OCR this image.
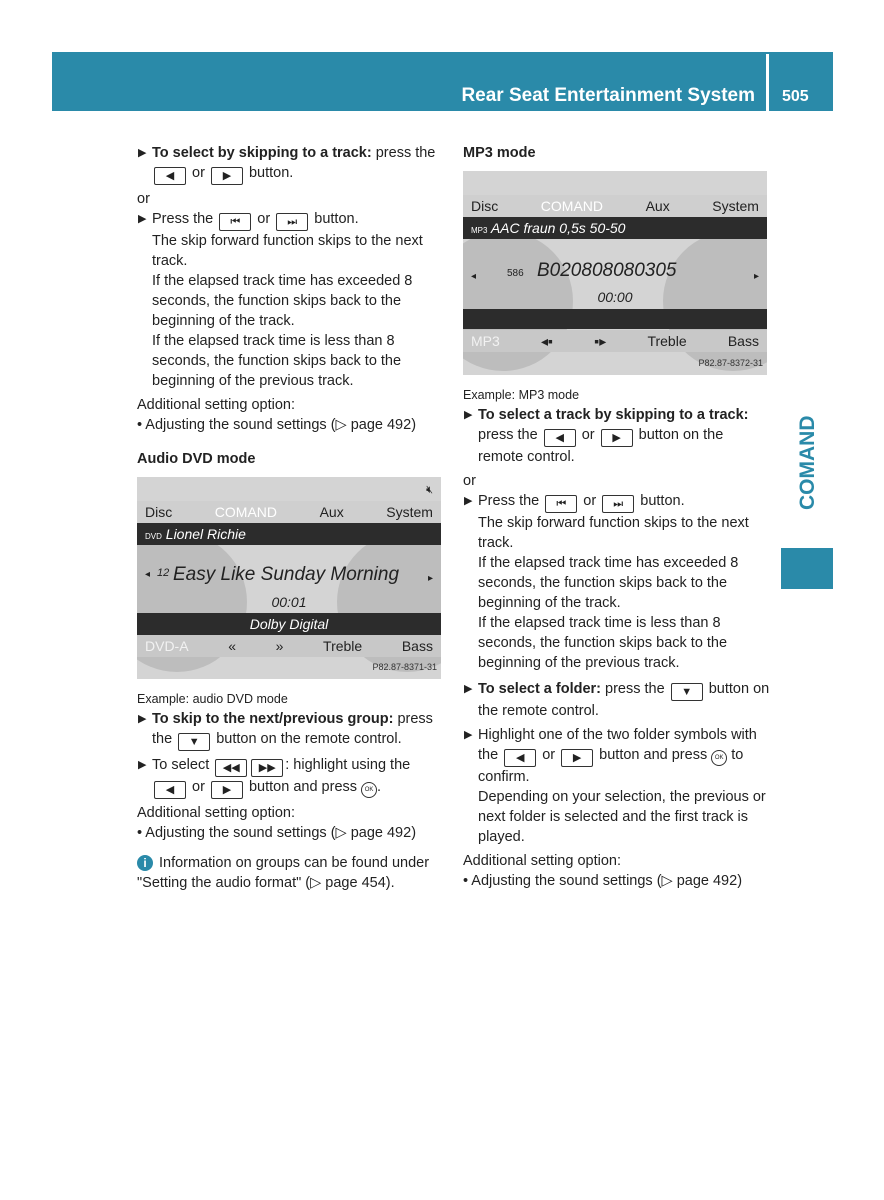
Rear Seat Entertainment System 505
COMAND
▶ To select by skipping to a track: press the ◀ or ▶ button.

or

▶ Press the ⏮ or ⏭ button.

The skip forward function skips to the next track.

If the elapsed track time has exceeded 8 seconds, the function skips back to the beginning of the track.

If the elapsed track time is less than 8 seconds, the function skips back to the beginning of the previous track.

Additional setting option:

• Adjusting the sound settings (▷ page 492)

Audio DVD mode

🔇︎
Disc	COMAND	Aux	System
DVD Lionel Richie
◂ 12 Easy Like Sunday Morning	▸
00:01
Dolby Digital
DVD-A	«	»	Treble	Bass
P82.87-8371-31

Example: audio DVD mode

▶ To skip to the next/previous group: press the ▼ button on the remote control.
▶ To select ◀◀ ▶▶ : highlight using the ◀ or ▶ button and press OK .

Additional setting option:

• Adjusting the sound settings (▷ page 492)

i Information on groups can be found under "Setting the audio format" (▷ page 454).

MP3 mode

Disc	COMAND	Aux	System
MP3 AAC fraun 0,5s 50-50
◂	586 B020808080305	▸
00:00
MP3	◂▪	▪▸	Treble	Bass
P82.87-8372-31

Example: MP3 mode

▶ To select a track by skipping to a track: press the ◀ or ▶ button on the remote control.

or

▶ Press the ⏮ or ⏭ button.

The skip forward function skips to the next track.

If the elapsed track time has exceeded 8 seconds, the function skips back to the beginning of the track.

If the elapsed track time is less than 8 seconds, the function skips back to the beginning of the previous track.

▶ To select a folder: press the ▼ button on the remote control.
▶ Highlight one of the two folder symbols with the ◀ or ▶ button and press OK to confirm.

Depending on your selection, the previous or next folder is selected and the first track is played.

Additional setting option:

• Adjusting the sound settings (▷ page 492)
